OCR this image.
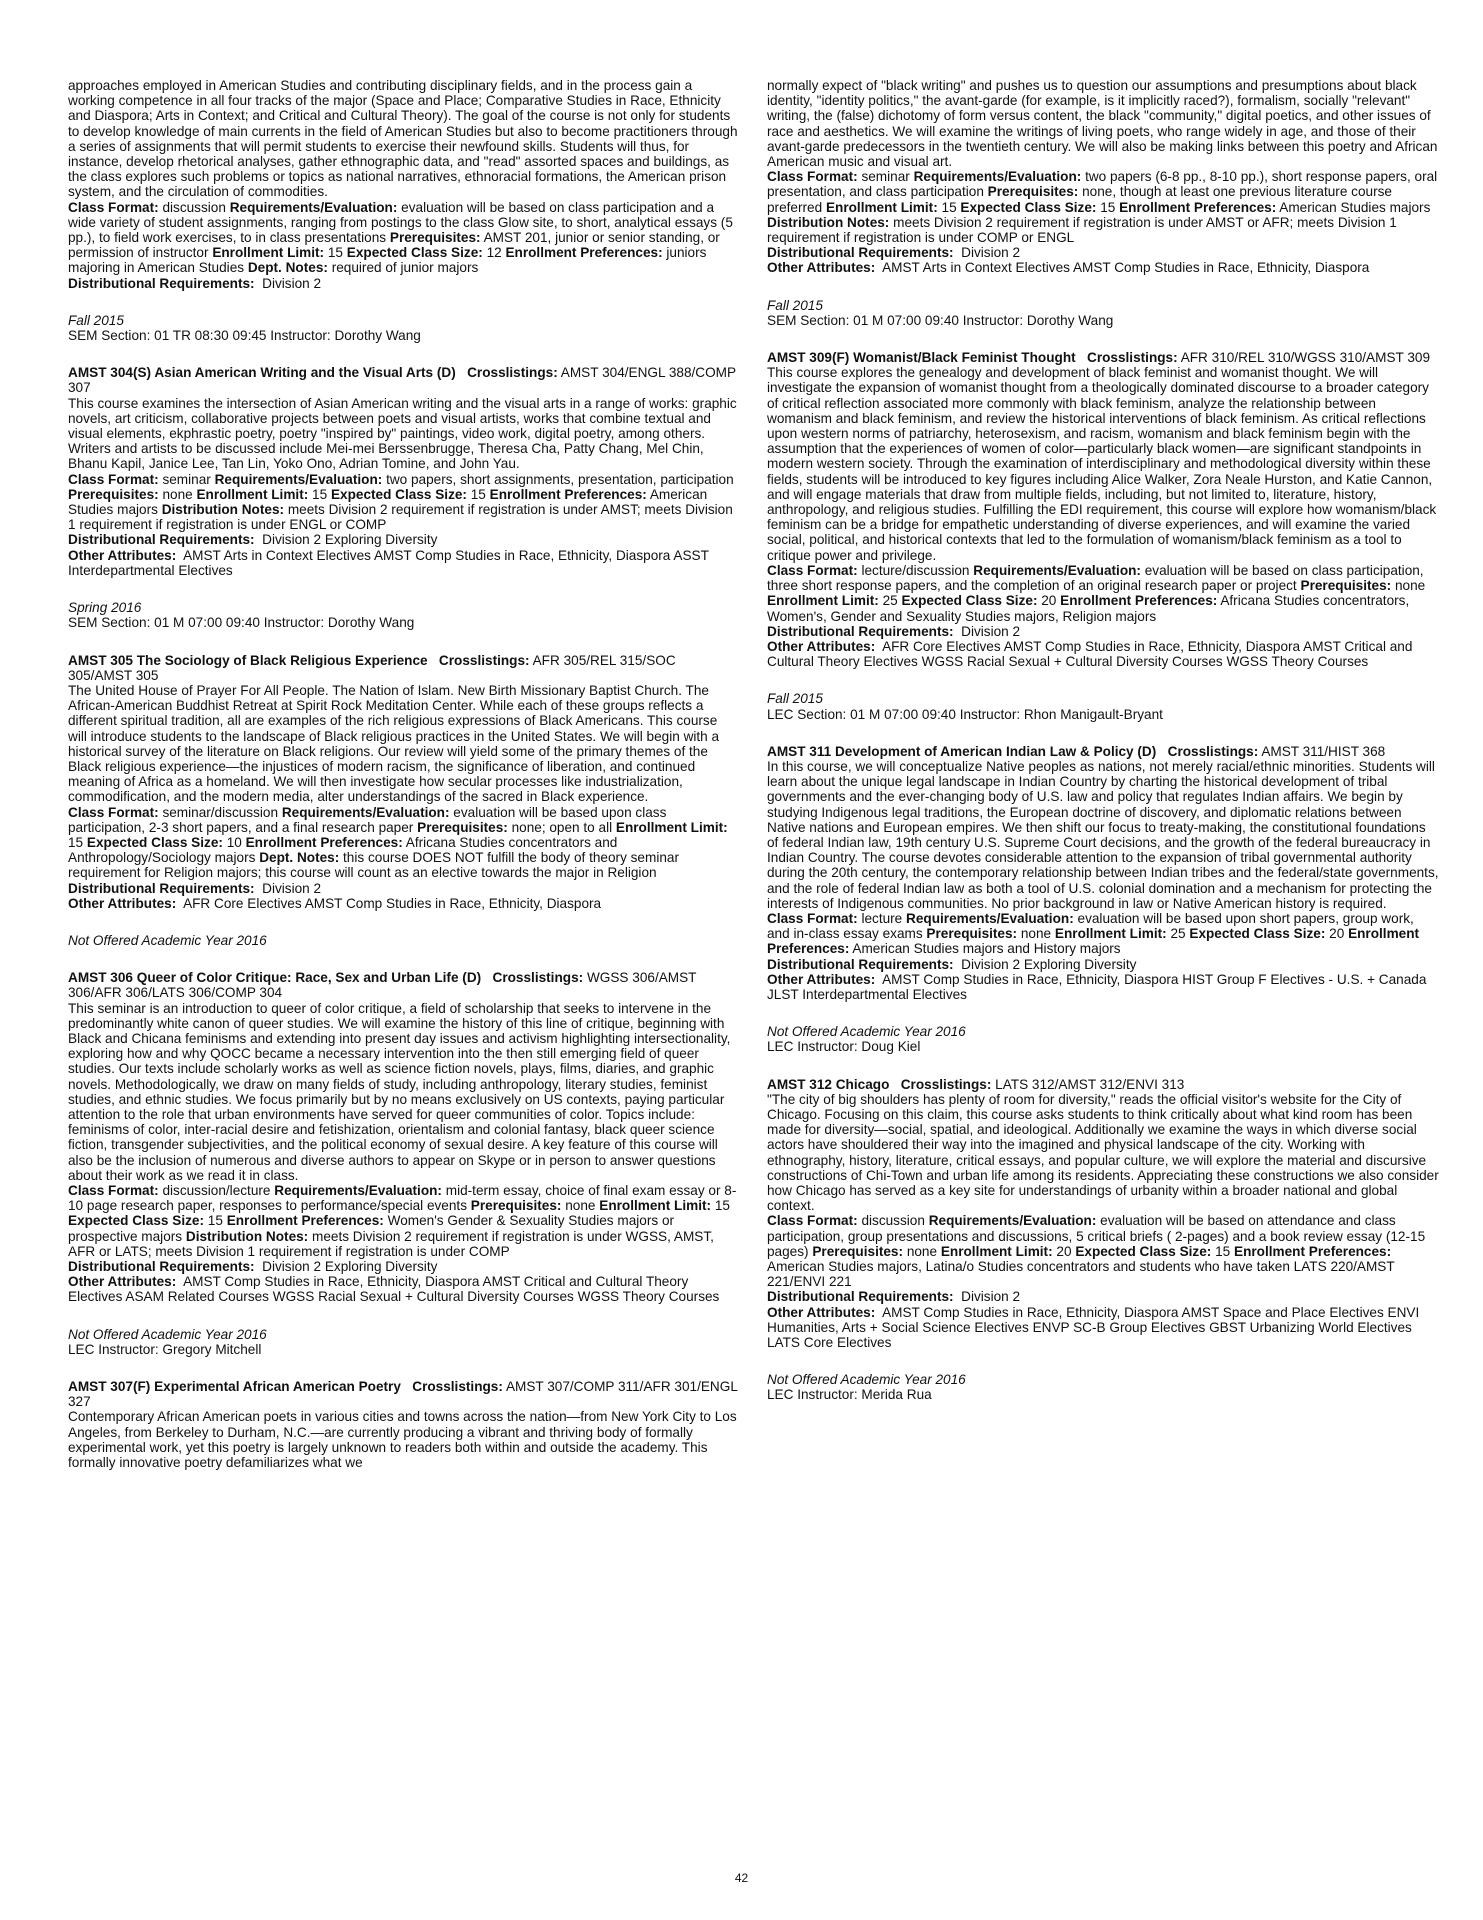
approaches employed in American Studies and contributing disciplinary fields, and in the process gain a working competence in all four tracks of the major (Space and Place; Comparative Studies in Race, Ethnicity and Diaspora; Arts in Context; and Critical and Cultural Theory). The goal of the course is not only for students to develop knowledge of main currents in the field of American Studies but also to become practitioners through a series of assignments that will permit students to exercise their newfound skills. Students will thus, for instance, develop rhetorical analyses, gather ethnographic data, and "read" assorted spaces and buildings, as the class explores such problems or topics as national narratives, ethnoracial formations, the American prison system, and the circulation of commodities.

Class Format: discussion Requirements/Evaluation: evaluation will be based on class participation and a wide variety of student assignments, ranging from postings to the class Glow site, to short, analytical essays (5 pp.), to field work exercises, to in class presentations Prerequisites: AMST 201, junior or senior standing, or permission of instructor Enrollment Limit: 15 Expected Class Size: 12 Enrollment Preferences: juniors majoring in American Studies Dept. Notes: required of junior majors

Distributional Requirements: Division 2

Fall 2015

SEM Section: 01 TR 08:30 09:45 Instructor: Dorothy Wang

AMST 304(S) Asian American Writing and the Visual Arts (D) Crosslistings: AMST 304/ENGL 388/COMP 307

This course examines the intersection of Asian American writing and the visual arts in a range of works: graphic novels, art criticism, collaborative projects between poets and visual artists, works that combine textual and visual elements, ekphrastic poetry, poetry "inspired by" paintings, video work, digital poetry, among others. Writers and artists to be discussed include Mei-mei Berssenbrugge, Theresa Cha, Patty Chang, Mel Chin, Bhanu Kapil, Janice Lee, Tan Lin, Yoko Ono, Adrian Tomine, and John Yau.

Class Format: seminar Requirements/Evaluation: two papers, short assignments, presentation, participation Prerequisites: none Enrollment Limit: 15 Expected Class Size: 15 Enrollment Preferences: American Studies majors Distribution Notes: meets Division 2 requirement if registration is under AMST; meets Division 1 requirement if registration is under ENGL or COMP

Distributional Requirements: Division 2 Exploring Diversity

Other Attributes: AMST Arts in Context Electives AMST Comp Studies in Race, Ethnicity, Diaspora ASST Interdepartmental Electives

Spring 2016

SEM Section: 01 M 07:00 09:40 Instructor: Dorothy Wang

AMST 305 The Sociology of Black Religious Experience Crosslistings: AFR 305/REL 315/SOC 305/AMST 305

The United House of Prayer For All People. The Nation of Islam. New Birth Missionary Baptist Church. The African-American Buddhist Retreat at Spirit Rock Meditation Center. While each of these groups reflects a different spiritual tradition, all are examples of the rich religious expressions of Black Americans. This course will introduce students to the landscape of Black religious practices in the United States. We will begin with a historical survey of the literature on Black religions. Our review will yield some of the primary themes of the Black religious experience—the injustices of modern racism, the significance of liberation, and continued meaning of Africa as a homeland. We will then investigate how secular processes like industrialization, commodification, and the modern media, alter understandings of the sacred in Black experience.

Class Format: seminar/discussion Requirements/Evaluation: evaluation will be based upon class participation, 2-3 short papers, and a final research paper Prerequisites: none; open to all Enrollment Limit: 15 Expected Class Size: 10 Enrollment Preferences: Africana Studies concentrators and Anthropology/Sociology majors Dept. Notes: this course DOES NOT fulfill the body of theory seminar requirement for Religion majors; this course will count as an elective towards the major in Religion

Distributional Requirements: Division 2

Other Attributes: AFR Core Electives AMST Comp Studies in Race, Ethnicity, Diaspora

Not Offered Academic Year 2016

AMST 306 Queer of Color Critique: Race, Sex and Urban Life (D) Crosslistings: WGSS 306/AMST 306/AFR 306/LATS 306/COMP 304

This seminar is an introduction to queer of color critique, a field of scholarship that seeks to intervene in the predominantly white canon of queer studies. We will examine the history of this line of critique, beginning with Black and Chicana feminisms and extending into present day issues and activism highlighting intersectionality, exploring how and why QOCC became a necessary intervention into the then still emerging field of queer studies. Our texts include scholarly works as well as science fiction novels, plays, films, diaries, and graphic novels. Methodologically, we draw on many fields of study, including anthropology, literary studies, feminist studies, and ethnic studies. We focus primarily but by no means exclusively on US contexts, paying particular attention to the role that urban environments have served for queer communities of color. Topics include: feminisms of color, inter-racial desire and fetishization, orientalism and colonial fantasy, black queer science fiction, transgender subjectivities, and the political economy of sexual desire. A key feature of this course will also be the inclusion of numerous and diverse authors to appear on Skype or in person to answer questions about their work as we read it in class.

Class Format: discussion/lecture Requirements/Evaluation: mid-term essay, choice of final exam essay or 8-10 page research paper, responses to performance/special events Prerequisites: none Enrollment Limit: 15 Expected Class Size: 15 Enrollment Preferences: Women's Gender & Sexuality Studies majors or prospective majors Distribution Notes: meets Division 2 requirement if registration is under WGSS, AMST, AFR or LATS; meets Division 1 requirement if registration is under COMP

Distributional Requirements: Division 2 Exploring Diversity

Other Attributes: AMST Comp Studies in Race, Ethnicity, Diaspora AMST Critical and Cultural Theory Electives ASAM Related Courses WGSS Racial Sexual + Cultural Diversity Courses WGSS Theory Courses

Not Offered Academic Year 2016

LEC Instructor: Gregory Mitchell

AMST 307(F) Experimental African American Poetry Crosslistings: AMST 307/COMP 311/AFR 301/ENGL 327

Contemporary African American poets in various cities and towns across the nation—from New York City to Los Angeles, from Berkeley to Durham, N.C.—are currently producing a vibrant and thriving body of formally experimental work, yet this poetry is largely unknown to readers both within and outside the academy. This formally innovative poetry defamiliarizes what we

normally expect of "black writing" and pushes us to question our assumptions and presumptions about black identity, "identity politics," the avant-garde (for example, is it implicitly raced?), formalism, socially "relevant" writing, the (false) dichotomy of form versus content, the black "community," digital poetics, and other issues of race and aesthetics. We will examine the writings of living poets, who range widely in age, and those of their avant-garde predecessors in the twentieth century. We will also be making links between this poetry and African American music and visual art.

Class Format: seminar Requirements/Evaluation: two papers (6-8 pp., 8-10 pp.), short response papers, oral presentation, and class participation Prerequisites: none, though at least one previous literature course preferred Enrollment Limit: 15 Expected Class Size: 15 Enrollment Preferences: American Studies majors Distribution Notes: meets Division 2 requirement if registration is under AMST or AFR; meets Division 1 requirement if registration is under COMP or ENGL

Distributional Requirements: Division 2

Other Attributes: AMST Arts in Context Electives AMST Comp Studies in Race, Ethnicity, Diaspora

Fall 2015

SEM Section: 01 M 07:00 09:40 Instructor: Dorothy Wang

AMST 309(F) Womanist/Black Feminist Thought Crosslistings: AFR 310/REL 310/WGSS 310/AMST 309

This course explores the genealogy and development of black feminist and womanist thought. We will investigate the expansion of womanist thought from a theologically dominated discourse to a broader category of critical reflection associated more commonly with black feminism, analyze the relationship between womanism and black feminism, and review the historical interventions of black feminism. As critical reflections upon western norms of patriarchy, heterosexism, and racism, womanism and black feminism begin with the assumption that the experiences of women of color—particularly black women—are significant standpoints in modern western society. Through the examination of interdisciplinary and methodological diversity within these fields, students will be introduced to key figures including Alice Walker, Zora Neale Hurston, and Katie Cannon, and will engage materials that draw from multiple fields, including, but not limited to, literature, history, anthropology, and religious studies. Fulfilling the EDI requirement, this course will explore how womanism/black feminism can be a bridge for empathetic understanding of diverse experiences, and will examine the varied social, political, and historical contexts that led to the formulation of womanism/black feminism as a tool to critique power and privilege.

Class Format: lecture/discussion Requirements/Evaluation: evaluation will be based on class participation, three short response papers, and the completion of an original research paper or project Prerequisites: none Enrollment Limit: 25 Expected Class Size: 20 Enrollment Preferences: Africana Studies concentrators, Women's, Gender and Sexuality Studies majors, Religion majors

Distributional Requirements: Division 2

Other Attributes: AFR Core Electives AMST Comp Studies in Race, Ethnicity, Diaspora AMST Critical and Cultural Theory Electives WGSS Racial Sexual + Cultural Diversity Courses WGSS Theory Courses

Fall 2015

LEC Section: 01 M 07:00 09:40 Instructor: Rhon Manigault-Bryant

AMST 311 Development of American Indian Law & Policy (D) Crosslistings: AMST 311/HIST 368

In this course, we will conceptualize Native peoples as nations, not merely racial/ethnic minorities. Students will learn about the unique legal landscape in Indian Country by charting the historical development of tribal governments and the ever-changing body of U.S. law and policy that regulates Indian affairs. We begin by studying Indigenous legal traditions, the European doctrine of discovery, and diplomatic relations between Native nations and European empires. We then shift our focus to treaty-making, the constitutional foundations of federal Indian law, 19th century U.S. Supreme Court decisions, and the growth of the federal bureaucracy in Indian Country. The course devotes considerable attention to the expansion of tribal governmental authority during the 20th century, the contemporary relationship between Indian tribes and the federal/state governments, and the role of federal Indian law as both a tool of U.S. colonial domination and a mechanism for protecting the interests of Indigenous communities. No prior background in law or Native American history is required.

Class Format: lecture Requirements/Evaluation: evaluation will be based upon short papers, group work, and in-class essay exams Prerequisites: none Enrollment Limit: 25 Expected Class Size: 20 Enrollment Preferences: American Studies majors and History majors

Distributional Requirements: Division 2 Exploring Diversity

Other Attributes: AMST Comp Studies in Race, Ethnicity, Diaspora HIST Group F Electives - U.S. + Canada JLST Interdepartmental Electives

Not Offered Academic Year 2016

LEC Instructor: Doug Kiel

AMST 312 Chicago Crosslistings: LATS 312/AMST 312/ENVI 313

"The city of big shoulders has plenty of room for diversity," reads the official visitor's website for the City of Chicago. Focusing on this claim, this course asks students to think critically about what kind room has been made for diversity—social, spatial, and ideological. Additionally we examine the ways in which diverse social actors have shouldered their way into the imagined and physical landscape of the city. Working with ethnography, history, literature, critical essays, and popular culture, we will explore the material and discursive constructions of Chi-Town and urban life among its residents. Appreciating these constructions we also consider how Chicago has served as a key site for understandings of urbanity within a broader national and global context.

Class Format: discussion Requirements/Evaluation: evaluation will be based on attendance and class participation, group presentations and discussions, 5 critical briefs ( 2-pages) and a book review essay (12-15 pages) Prerequisites: none Enrollment Limit: 20 Expected Class Size: 15 Enrollment Preferences: American Studies majors, Latina/o Studies concentrators and students who have taken LATS 220/AMST 221/ENVI 221

Distributional Requirements: Division 2

Other Attributes: AMST Comp Studies in Race, Ethnicity, Diaspora AMST Space and Place Electives ENVI Humanities, Arts + Social Science Electives ENVP SC-B Group Electives GBST Urbanizing World Electives LATS Core Electives

Not Offered Academic Year 2016

LEC Instructor: Merida Rua

42
